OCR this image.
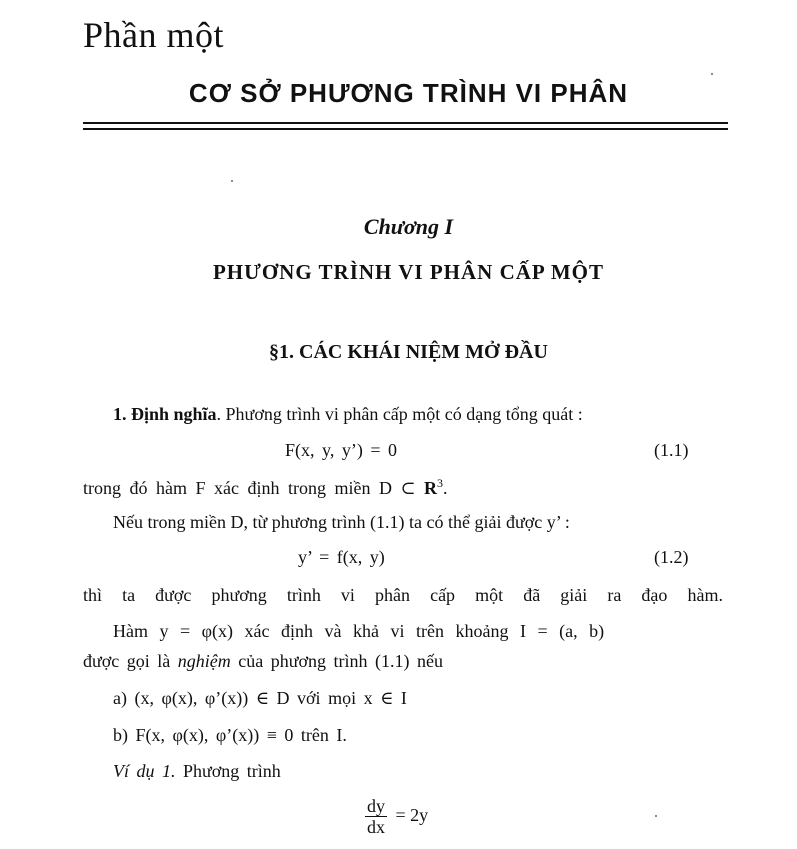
Phần một
CƠ SỞ PHƯƠNG TRÌNH VI PHÂN
Chương I
PHƯƠNG TRÌNH VI PHÂN CẤP MỘT
§1. CÁC KHÁI NIỆM MỞ ĐẦU
1. Định nghĩa. Phương trình vi phân cấp một có dạng tổng quát :
F(x, y, y’) = 0	(1.1)
trong đó hàm F xác định trong miền D ⊂ $R^3$.
Nếu trong miền D, từ phương trình (1.1) ta có thể giải được y’ :
y’ = f(x, y)	(1.2)
thì ta được phương trình vi phân cấp một đã giải ra đạo hàm.
Hàm y = φ(x) xác định và khả vi trên khoảng I = (a, b)
được gọi là nghiệm của phương trình (1.1) nếu
a) (x, φ(x), φ’(x)) ∈ D với mọi x ∈ I
b) F(x, φ(x), φ’(x)) ≡ 0 trên I.
Ví dụ 1. Phương trình
$\frac{dy}{dx} = 2y$
